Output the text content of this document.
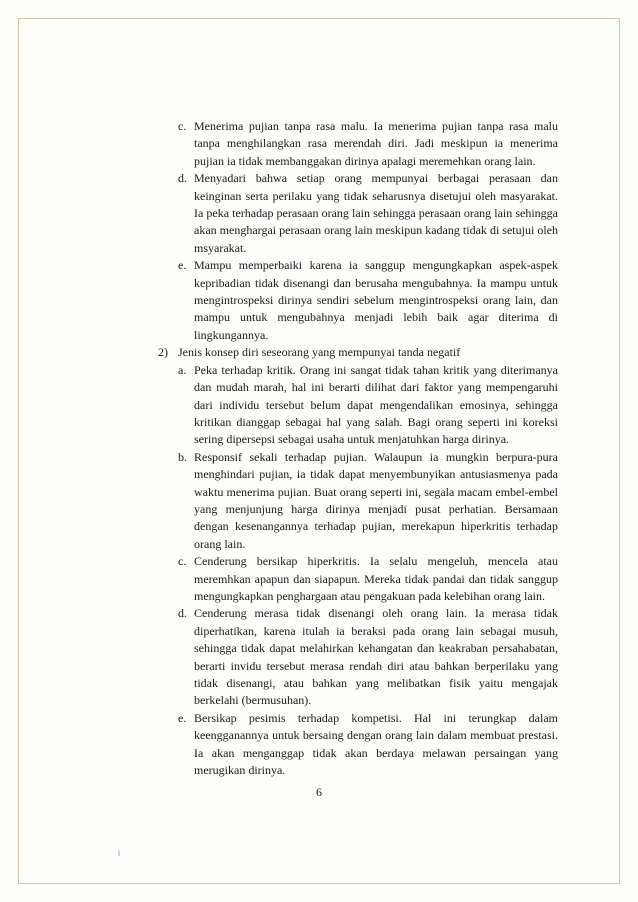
c. Menerima pujian tanpa rasa malu. Ia menerima pujian tanpa rasa malu tanpa menghilangkan rasa merendah diri. Jadi meskipun ia menerima pujian ia tidak membanggakan dirinya apalagi meremehkan orang lain.
d. Menyadari bahwa setiap orang mempunyai berbagai perasaan dan keinginan serta perilaku yang tidak seharusnya disetujui oleh masyarakat. Ia peka terhadap perasaan orang lain sehingga perasaan orang lain sehingga akan menghargai perasaan orang lain meskipun kadang tidak di setujui oleh msyarakat.
e. Mampu memperbaiki karena ia sanggup mengungkapkan aspek-aspek kepribadian tidak disenangi dan berusaha mengubahnya. Ia mampu untuk mengintrospeksi dirinya sendiri sebelum mengintrospeksi orang lain, dan mampu untuk mengubahnya menjadi lebih baik agar diterima di lingkungannya.
2) Jenis konsep diri seseorang yang mempunyai tanda negatif
a. Peka terhadap kritik. Orang ini sangat tidak tahan kritik yang diterimanya dan mudah marah, hal ini berarti dilihat dari faktor yang mempengaruhi dari individu tersebut belum dapat mengendalikan emosinya, sehingga kritikan dianggap sebagai hal yang salah. Bagi orang seperti ini koreksi sering dipersepsi sebagai usaha untuk menjatuhkan harga dirinya.
b. Responsif sekali terhadap pujian. Walaupun ia mungkin berpura-pura menghindari pujian, ia tidak dapat menyembunyikan antusiasmenya pada waktu menerima pujian. Buat orang seperti ini, segala macam embel-embel yang menjunjung harga dirinya menjadi pusat perhatian. Bersamaan dengan kesenangannya terhadap pujian, merekapun hiperkritis terhadap orang lain.
c. Cenderung bersikap hiperkritis. Ia selalu mengeluh, mencela atau meremhkan apapun dan siapapun. Mereka tidak pandai dan tidak sanggup mengungkapkan penghargaan atau pengakuan pada kelebihan orang lain.
d. Cenderung merasa tidak disenangi oleh orang lain. Ia merasa tidak diperhatikan, karena itulah ia beraksi pada orang lain sebagai musuh, sehingga tidak dapat melahirkan kehangatan dan keakraban persahabatan, berarti invidu tersebut merasa rendah diri atau bahkan berperilaku yang tidak disenangi, atau bahkan yang melibatkan fisik yaitu mengajak berkelahi (bermusuhan).
e. Bersikap pesimis terhadap kompetisi. Hal ini terungkap dalam keengganannya untuk bersaing dengan orang lain dalam membuat prestasi. Ia akan menganggap tidak akan berdaya melawan persaingan yang merugikan dirinya.
6
i
